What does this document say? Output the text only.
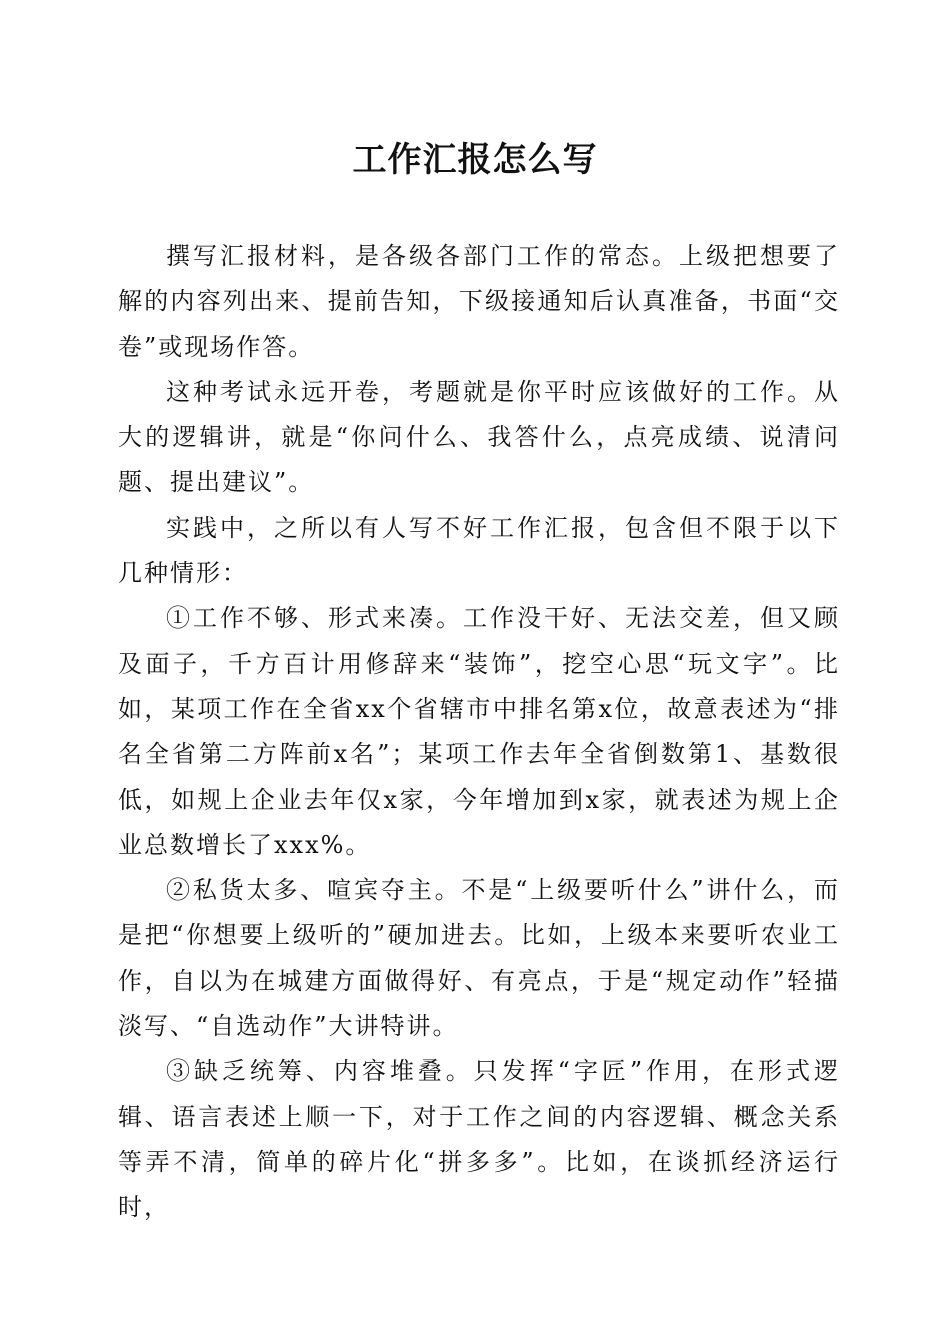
工作汇报怎么写

撰写汇报材料，是各级各部门工作的常态。上级把想要了解的内容列出来、提前告知，下级接通知后认真准备，书面“交卷”或现场作答。

这种考试永远开卷，考题就是你平时应该做好的工作。从大的逻辑讲，就是“你问什么、我答什么，点亮成绩、说清问题、提出建议”。

实践中，之所以有人写不好工作汇报，包含但不限于以下几种情形：

①工作不够、形式来凑。工作没干好、无法交差，但又顾及面子，千方百计用修辞来“装饰”，挖空心思“玩文字”。比如，某项工作在全省xx个省辖市中排名第x位，故意表述为“排名全省第二方阵前x名”；某项工作去年全省倒数第1、基数很低，如规上企业去年仅x家，今年增加到x家，就表述为规上企业总数增长了xxx%。

②私货太多、喧宾夺主。不是“上级要听什么”讲什么，而是把“你想要上级听的”硬加进去。比如，上级本来要听农业工作，自以为在城建方面做得好、有亮点，于是“规定动作”轻描淡写、“自选动作”大讲特讲。

③缺乏统筹、内容堆叠。只发挥“字匠”作用，在形式逻辑、语言表述上顺一下，对于工作之间的内容逻辑、概念关系等弄不清，简单的碎片化“拼多多”。比如，在谈抓经济运行时，
